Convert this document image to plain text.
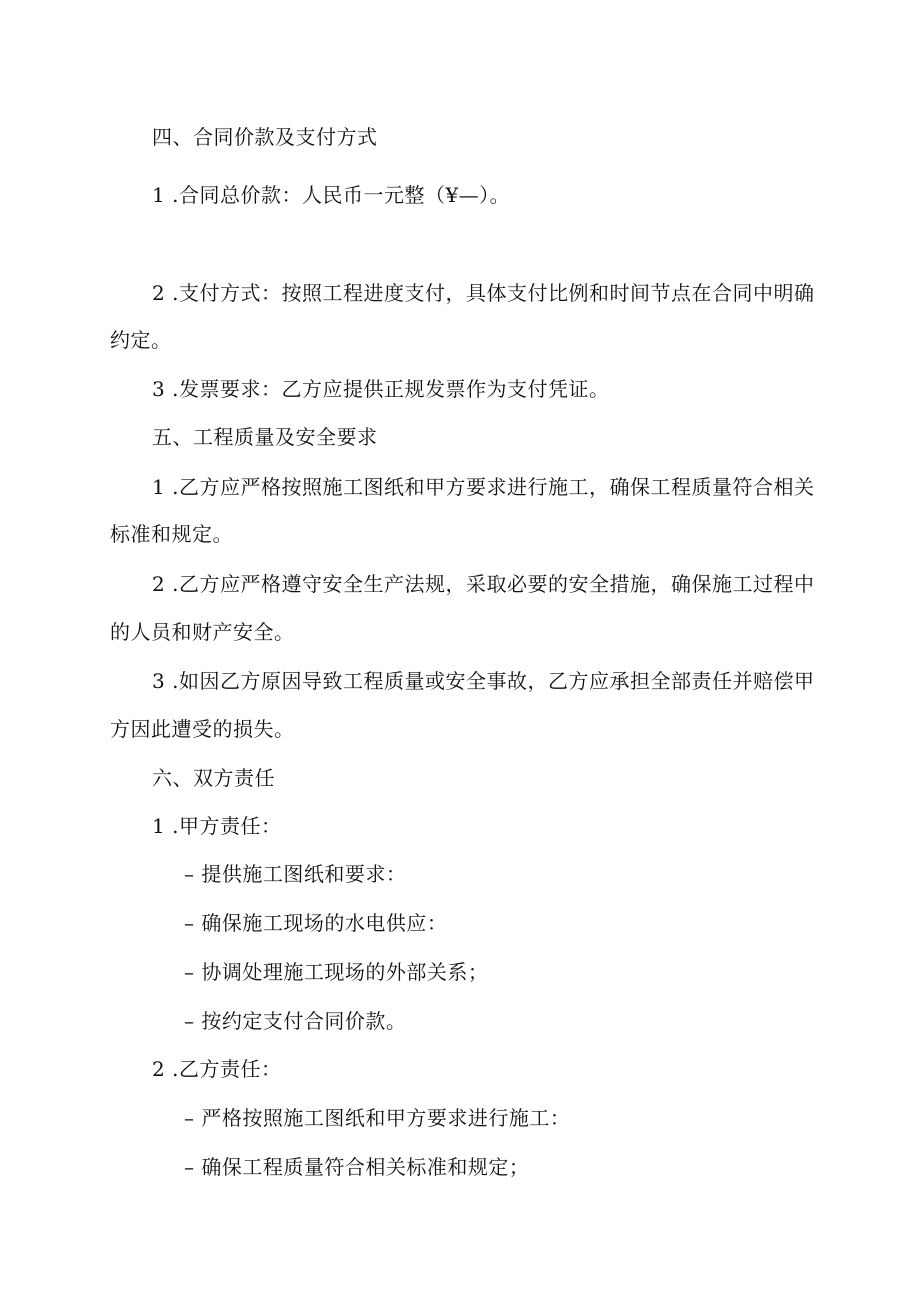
四、合同价款及支付方式
1 .合同总价款：人民币一元整（¥—）。
2 .支付方式：按照工程进度支付，具体支付比例和时间节点在合同中明确
约定。
3 .发票要求：乙方应提供正规发票作为支付凭证。
五、工程质量及安全要求
1 .乙方应严格按照施工图纸和甲方要求进行施工，确保工程质量符合相关
标准和规定。
2 .乙方应严格遵守安全生产法规，采取必要的安全措施，确保施工过程中
的人员和财产安全。
3 .如因乙方原因导致工程质量或安全事故，乙方应承担全部责任并赔偿甲
方因此遭受的损失。
六、双方责任
1 .甲方责任：
– 提供施工图纸和要求：
– 确保施工现场的水电供应：
– 协调处理施工现场的外部关系；
– 按约定支付合同价款。
2 .乙方责任：
– 严格按照施工图纸和甲方要求进行施工：
– 确保工程质量符合相关标准和规定；
